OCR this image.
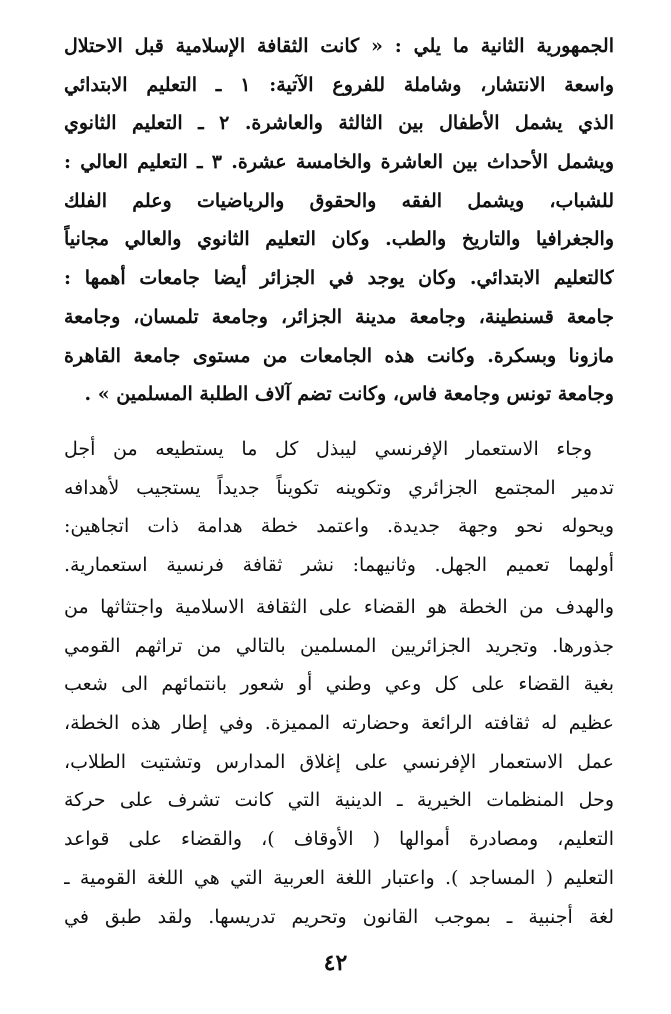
الجمهورية الثانية ما يلي : « كانت الثقافة الإسلامية قبل الاحتلال
واسعة الانتشار، وشاملة للفروع الآتية: ١ ـ التعليم الابتدائي
الذي يشمل الأطفال بين الثالثة والعاشرة. ٢ ـ التعليم الثانوي
ويشمل الأحداث بين العاشرة والخامسة عشرة. ٣ ـ التعليم العالي :
للشباب، ويشمل الفقه والحقوق والرياضيات وعلم الفلك
والجغرافيا والتاريخ والطب. وكان التعليم الثانوي والعالي مجانياً
كالتعليم الابتدائي. وكان يوجد في الجزائر أيضا جامعات أهمها :
جامعة قسنطينة، وجامعة مدينة الجزائر، وجامعة تلمسان، وجامعة
مازونا وبسكرة. وكانت هذه الجامعات من مستوى جامعة القاهرة
وجامعة تونس وجامعة فاس، وكانت تضم آلاف الطلبة المسلمين » .
وجاء الاستعمار الإفرنسي ليبذل كل ما يستطيعه من أجل
تدمير المجتمع الجزائري وتكوينه تكويناً جديداً يستجيب لأهدافه
ويحوله نحو وجهة جديدة. واعتمد خطة هدامة ذات اتجاهين:
أولهما تعميم الجهل. وثانيهما: نشر ثقافة فرنسية استعمارية.
والهدف من الخطة هو القضاء على الثقافة الاسلامية واجتثاثها من
جذورها. وتجريد الجزائريين المسلمين بالتالي من تراثهم القومي
بغية القضاء على كل وعي وطني أو شعور بانتمائهم الى شعب
عظيم له ثقافته الرائعة وحضارته المميزة. وفي إطار هذه الخطة،
عمل الاستعمار الإفرنسي على إغلاق المدارس وتشتيت الطلاب،
وحل المنظمات الخيرية ـ الدينية التي كانت تشرف على حركة
التعليم، ومصادرة أموالها ( الأوقاف )، والقضاء على قواعد
التعليم ( المساجد ). واعتبار اللغة العربية التي هي اللغة القومية ـ
لغة أجنبية ـ بموجب القانون وتحريم تدريسها. ولقد طبق في
٤٢
